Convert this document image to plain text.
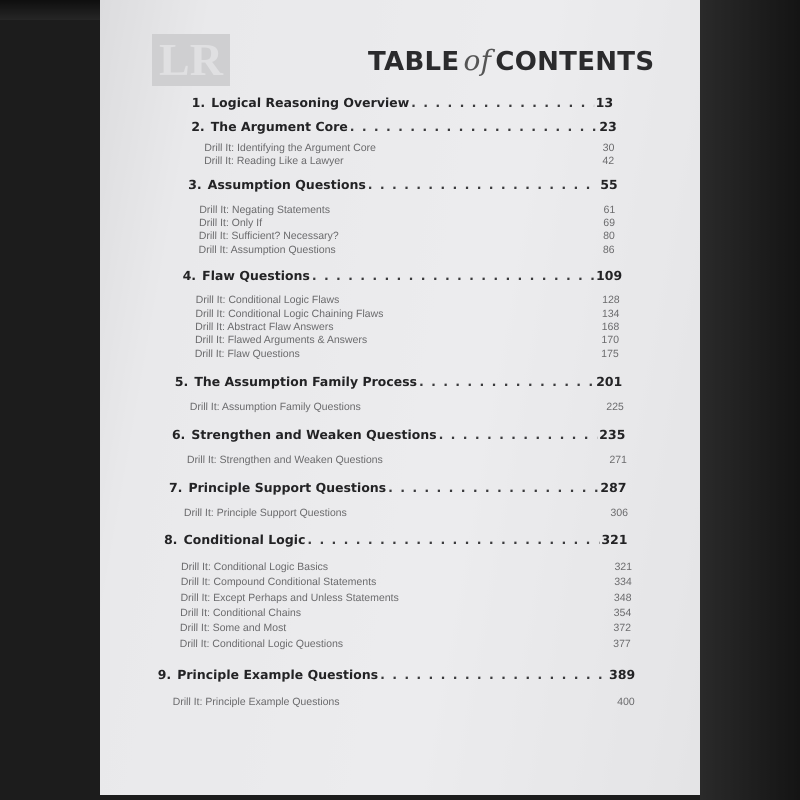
LR	TABLE of CONTENTS
1. Logical Reasoning Overview . . .	13
2. The Argument Core . . .	23
Drill It: Identifying the Argument Core	30
Drill It: Reading Like a Lawyer	42
3. Assumption Questions . . .	55
Drill It: Negating Statements	61
Drill It: Only If	69
Drill It: Sufficient? Necessary?	80
Drill It: Assumption Questions	86
4. Flaw Questions . . .	109
Drill It: Conditional Logic Flaws	128
Drill It: Conditional Logic Chaining Flaws	134
Drill It: Abstract Flaw Answers	168
Drill It: Flawed Arguments & Answers	170
Drill It: Flaw Questions	175
5. The Assumption Family Process . . .	201
Drill It: Assumption Family Questions	225
6. Strengthen and Weaken Questions . . .	235
Drill It: Strengthen and Weaken Questions	271
7. Principle Support Questions . . .	287
Drill It: Principle Support Questions	306
8. Conditional Logic . . .	321
Drill It: Conditional Logic Basics	321
Drill It: Compound Conditional Statements	334
Drill It: Except Perhaps and Unless Statements	348
Drill It: Conditional Chains	354
Drill It: Some and Most	372
Drill It: Conditional Logic Questions	377
9. Principle Example Questions . . .	389
Drill It: Principle Example Questions	400
